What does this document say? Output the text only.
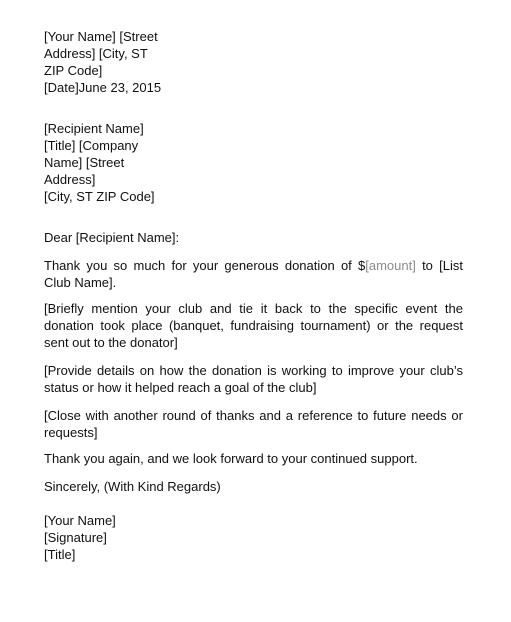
[Your Name] [Street
Address] [City, ST
ZIP Code]
[Date]June 23, 2015
[Recipient Name]
[Title] [Company
Name] [Street
Address]
[City, ST ZIP Code]

Dear [Recipient Name]:

Thank you so much for your generous donation of $[amount] to [List Club Name].

[Briefly mention your club and tie it back to the specific event the donation took place (banquet, fundraising tournament) or the request sent out to the donator]

[Provide details on how the donation is working to improve your club’s status or how it helped reach a goal of the club]

[Close with another round of thanks and a reference to future needs or requests]

Thank you again, and we look forward to your continued support.

Sincerely, (With Kind Regards)

[Your Name]
[Signature]
[Title]
